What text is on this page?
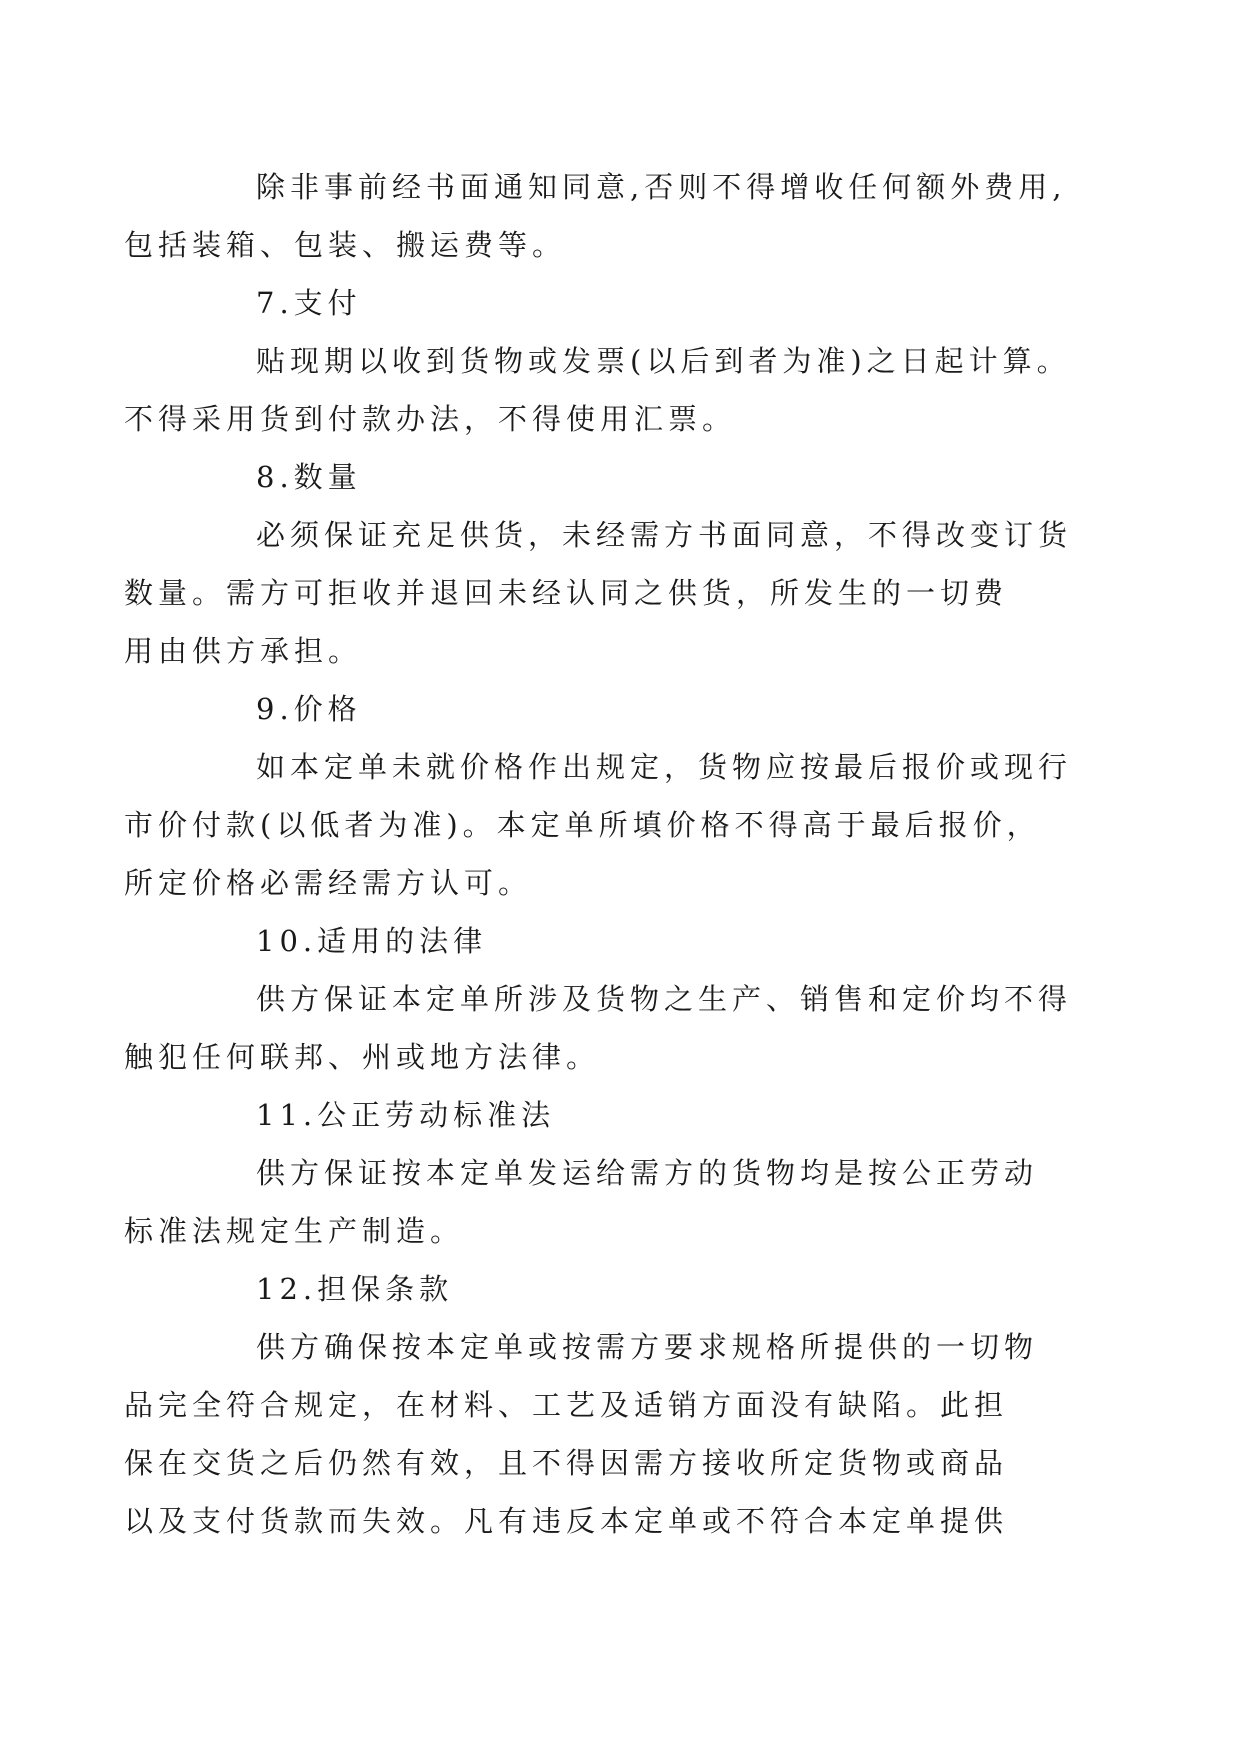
除非事前经书面通知同意,否则不得增收任何额外费用,
包括装箱、包装、搬运费等。

7.支付

贴现期以收到货物或发票(以后到者为准)之日起计算。
不得采用货到付款办法，不得使用汇票。

8.数量

必须保证充足供货，未经需方书面同意，不得改变订货
数量。需方可拒收并退回未经认同之供货，所发生的一切费
用由供方承担。

9.价格

如本定单未就价格作出规定，货物应按最后报价或现行
市价付款(以低者为准)。本定单所填价格不得高于最后报价，
所定价格必需经需方认可。

10.适用的法律

供方保证本定单所涉及货物之生产、销售和定价均不得
触犯任何联邦、州或地方法律。

11.公正劳动标准法

供方保证按本定单发运给需方的货物均是按公正劳动
标准法规定生产制造。

12.担保条款

供方确保按本定单或按需方要求规格所提供的一切物
品完全符合规定，在材料、工艺及适销方面没有缺陷。此担
保在交货之后仍然有效，且不得因需方接收所定货物或商品
以及支付货款而失效。凡有违反本定单或不符合本定单提供
